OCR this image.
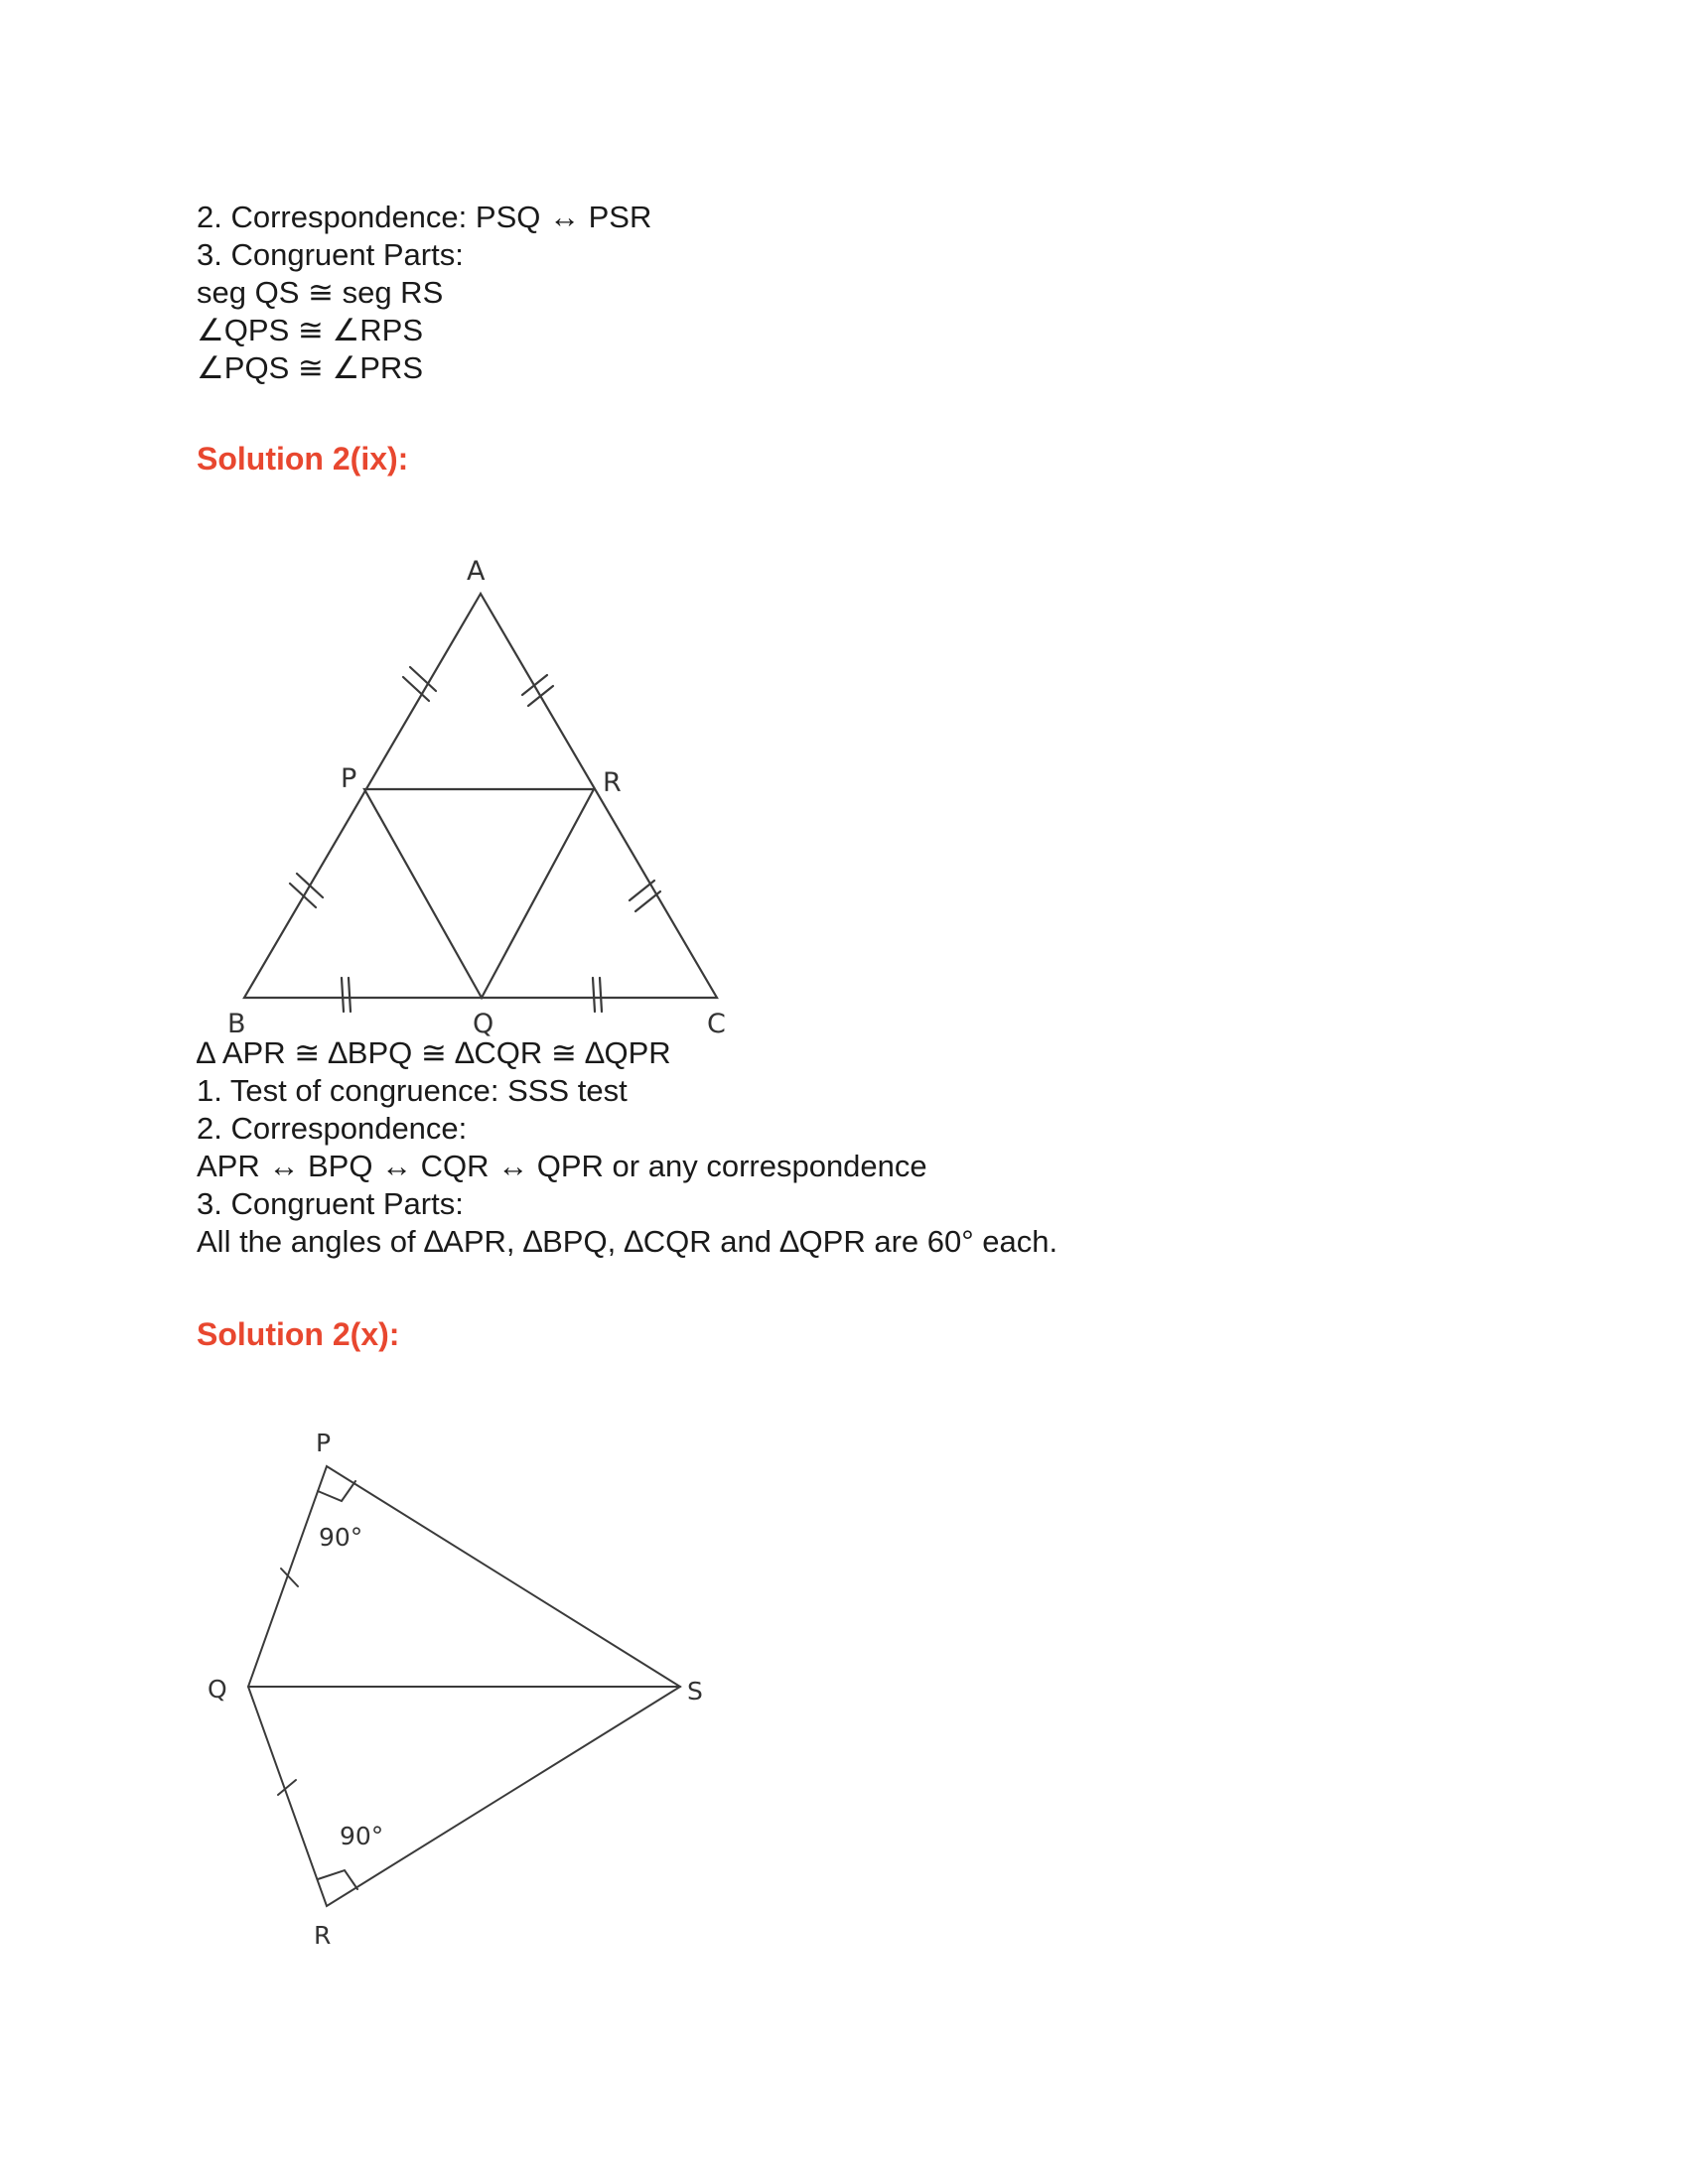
2. Correspondence: PSQ ↔ PSR
3. Congruent Parts:
seg QS ≅ seg RS
∠QPS ≅ ∠RPS
∠PQS ≅ ∠PRS
Solution 2(ix):
A
P	R
B	Q	C
P
Q	S
R
90°
90°
∆ APR ≅ ∆BPQ ≅ ∆CQR ≅ ∆QPR
1. Test of congruence: SSS test
2. Correspondence:
APR ↔ BPQ ↔ CQR ↔ QPR or any correspondence
3. Congruent Parts:
All the angles of ∆APR, ∆BPQ, ∆CQR and ∆QPR are 60° each.
Solution 2(x):
